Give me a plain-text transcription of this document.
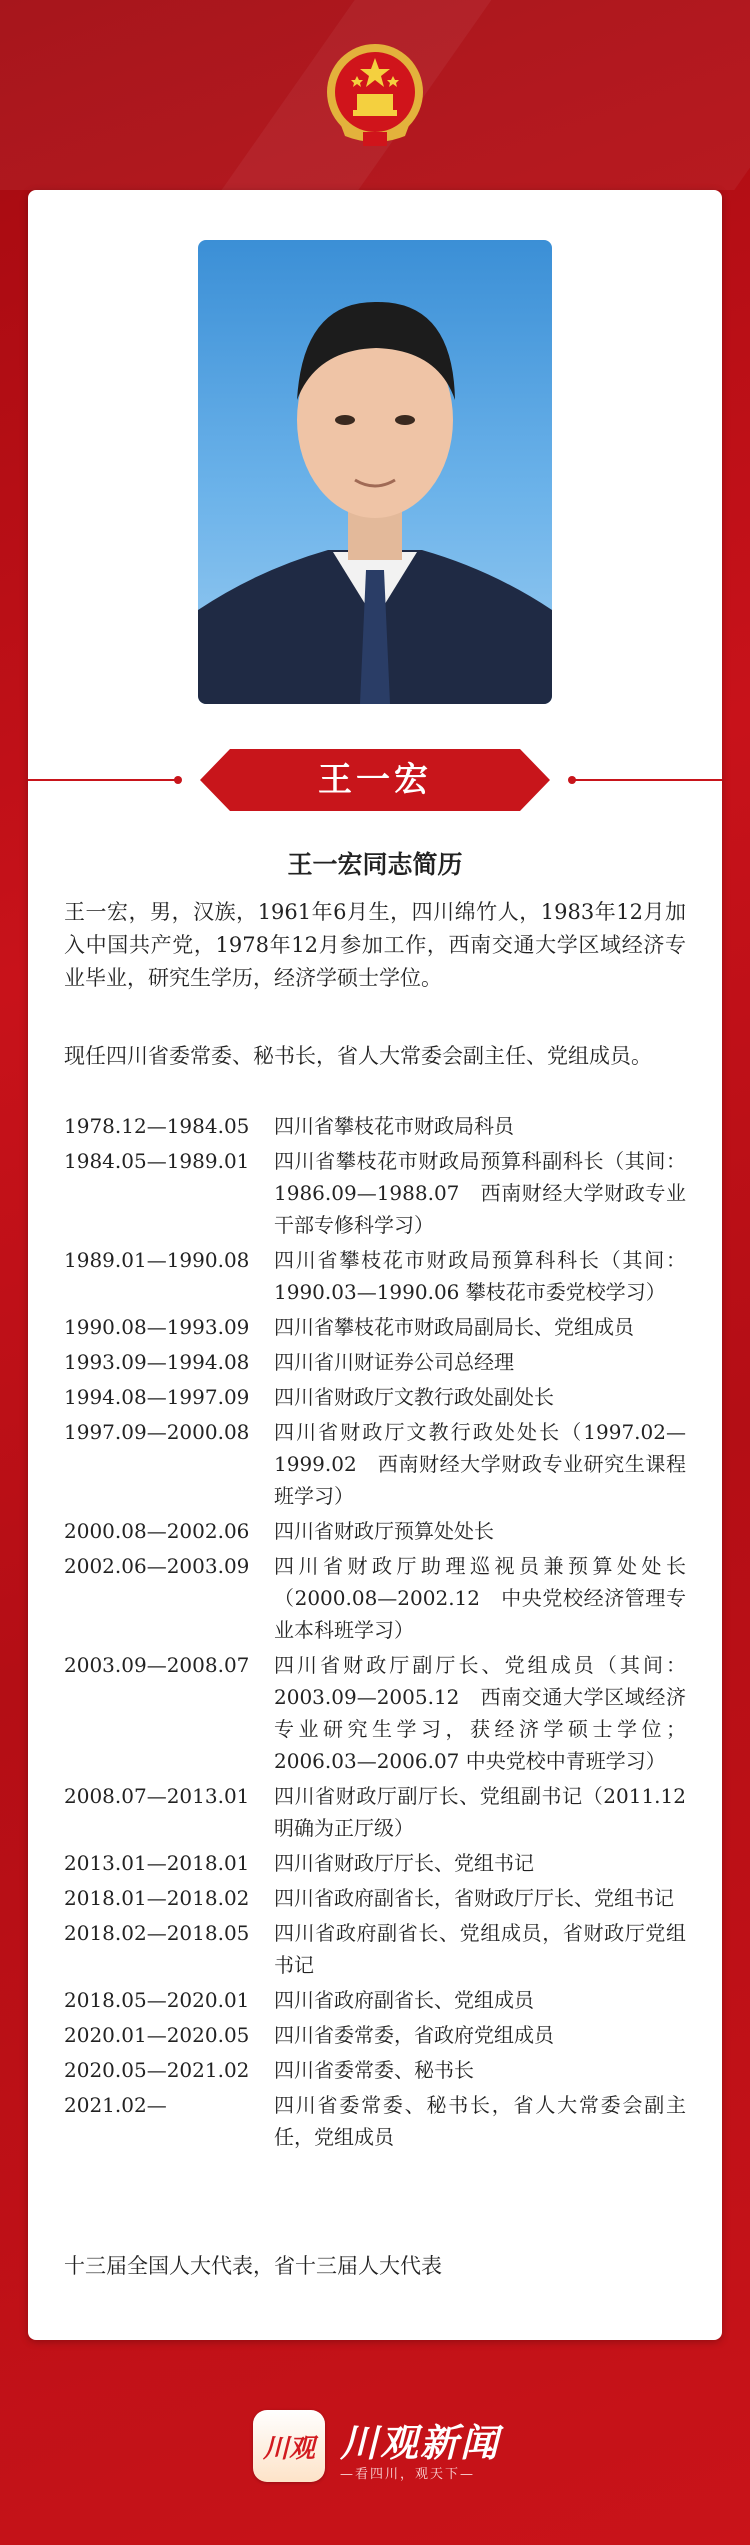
王一宏
王一宏同志简历

王一宏，男，汉族，1961年6月生，四川绵竹人，1983年12月加入中国共产党，1978年12月参加工作，西南交通大学区域经济专业毕业，研究生学历，经济学硕士学位。

现任四川省委常委、秘书长，省人大常委会副主任、党组成员。

1978.12—1984.05	四川省攀枝花市财政局科员
1984.05—1989.01	四川省攀枝花市财政局预算科副科长（其间：1986.09—1988.07　西南财经大学财政专业干部专修科学习）
1989.01—1990.08	四川省攀枝花市财政局预算科科长（其间：1990.03—1990.06 攀枝花市委党校学习）
1990.08—1993.09	四川省攀枝花市财政局副局长、党组成员
1993.09—1994.08	四川省川财证券公司总经理
1994.08—1997.09	四川省财政厅文教行政处副处长
1997.09—2000.08	四川省财政厅文教行政处处长（1997.02—1999.02　西南财经大学财政专业研究生课程班学习）
2000.08—2002.06	四川省财政厅预算处处长
2002.06—2003.09	四川省财政厅助理巡视员兼预算处处长（2000.08—2002.12　中央党校经济管理专业本科班学习）
2003.09—2008.07	四川省财政厅副厅长、党组成员（其间：2003.09—2005.12　西南交通大学区域经济专业研究生学习，获经济学硕士学位；2006.03—2006.07 中央党校中青班学习）
2008.07—2013.01	四川省财政厅副厅长、党组副书记（2011.12 明确为正厅级）
2013.01—2018.01	四川省财政厅厅长、党组书记
2018.01—2018.02	四川省政府副省长，省财政厅厅长、党组书记
2018.02—2018.05	四川省政府副省长、党组成员，省财政厅党组书记
2018.05—2020.01	四川省政府副省长、党组成员
2020.01—2020.05	四川省委常委，省政府党组成员
2020.05—2021.02	四川省委常委、秘书长
2021.02—	四川省委常委、秘书长，省人大常委会副主任，党组成员
十三届全国人大代表，省十三届人大代表
川观 川观新闻
—看四川，观天下—
